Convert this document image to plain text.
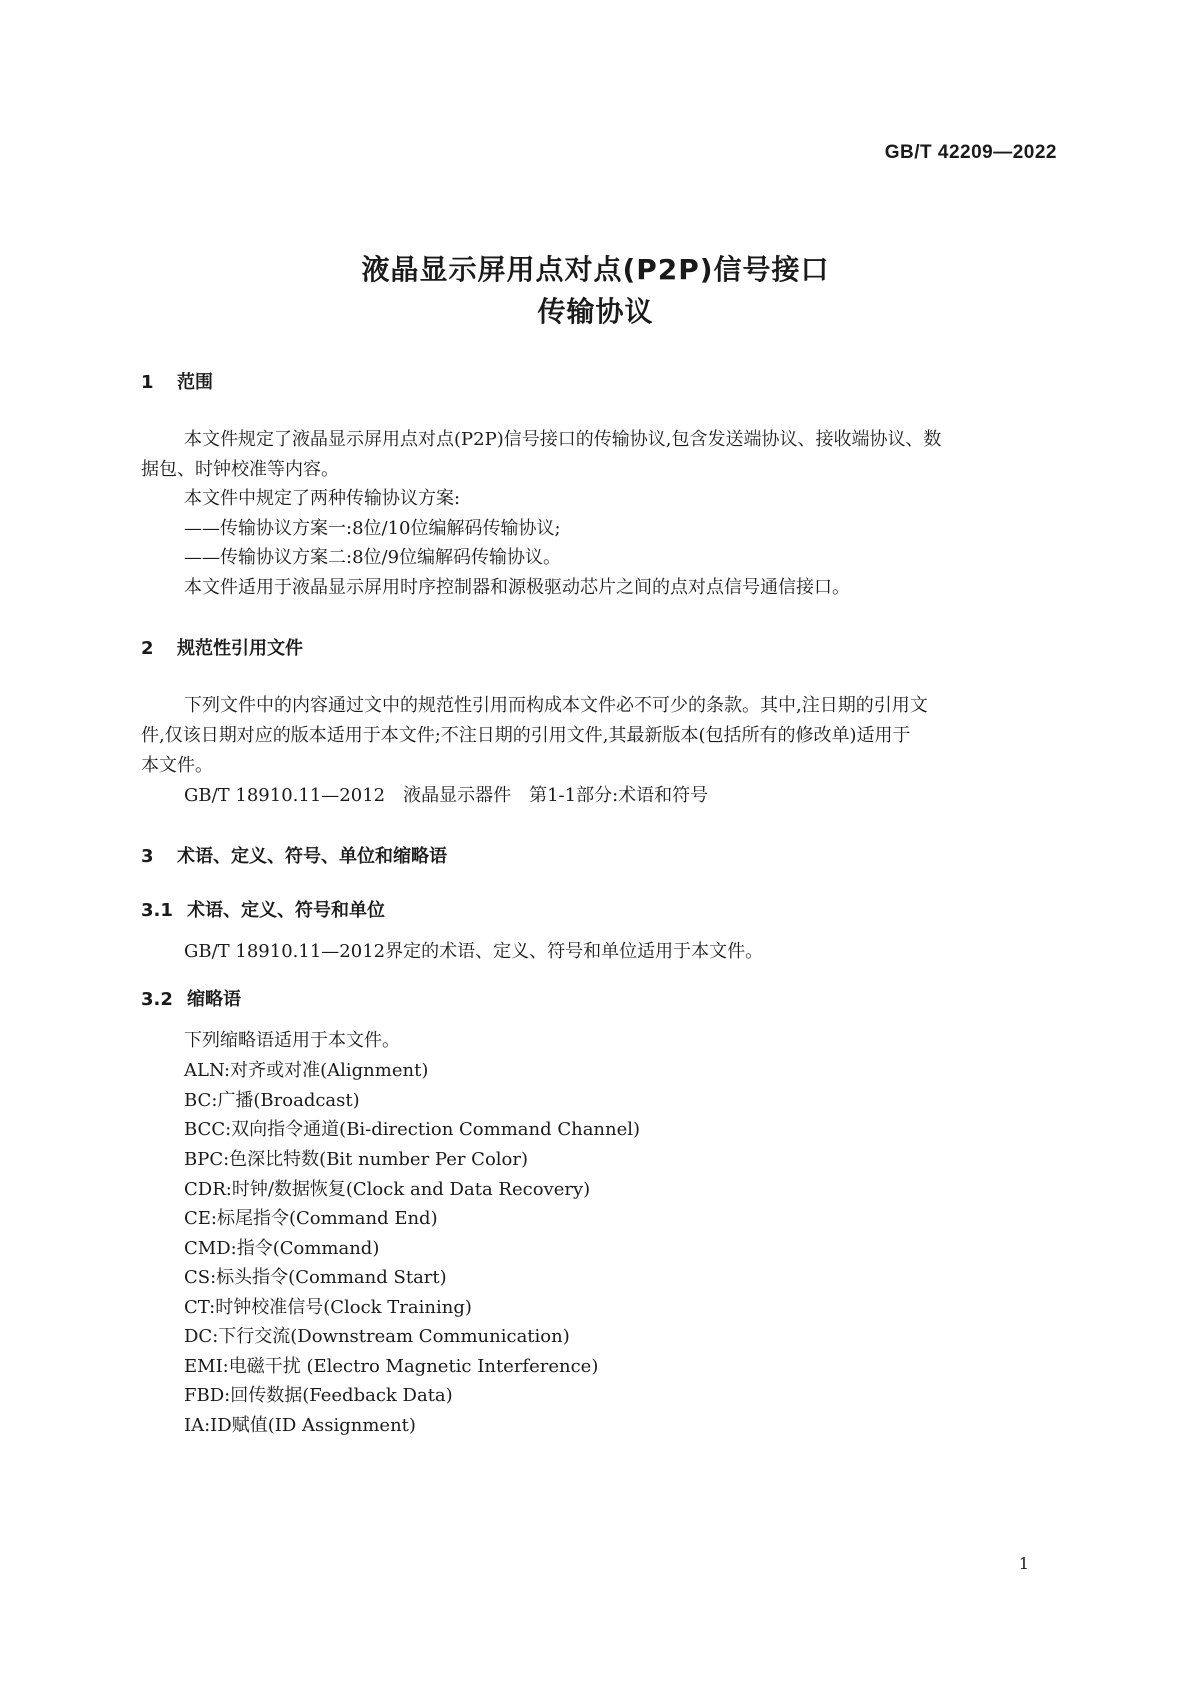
GB/T 42209—2022
液晶显示屏用点对点(P2P)信号接口
传输协议
1 范围
本文件规定了液晶显示屏用点对点(P2P)信号接口的传输协议,包含发送端协议、接收端协议、数
据包、时钟校准等内容。
本文件中规定了两种传输协议方案:
——传输协议方案一:8位/10位编解码传输协议;
——传输协议方案二:8位/9位编解码传输协议。
本文件适用于液晶显示屏用时序控制器和源极驱动芯片之间的点对点信号通信接口。
2 规范性引用文件
下列文件中的内容通过文中的规范性引用而构成本文件必不可少的条款。其中,注日期的引用文
件,仅该日期对应的版本适用于本文件;不注日期的引用文件,其最新版本(包括所有的修改单)适用于
本文件。
GB/T 18910.11—2012　液晶显示器件　第1-1部分:术语和符号
3 术语、定义、符号、单位和缩略语
3.1 术语、定义、符号和单位
GB/T 18910.11—2012界定的术语、定义、符号和单位适用于本文件。
3.2 缩略语
下列缩略语适用于本文件。
ALN:对齐或对准(Alignment)
BC:广播(Broadcast)
BCC:双向指令通道(Bi-direction Command Channel)
BPC:色深比特数(Bit number Per Color)
CDR:时钟/数据恢复(Clock and Data Recovery)
CE:标尾指令(Command End)
CMD:指令(Command)
CS:标头指令(Command Start)
CT:时钟校准信号(Clock Training)
DC:下行交流(Downstream Communication)
EMI:电磁干扰 (Electro Magnetic Interference)
FBD:回传数据(Feedback Data)
IA:ID赋值(ID Assignment)
1
